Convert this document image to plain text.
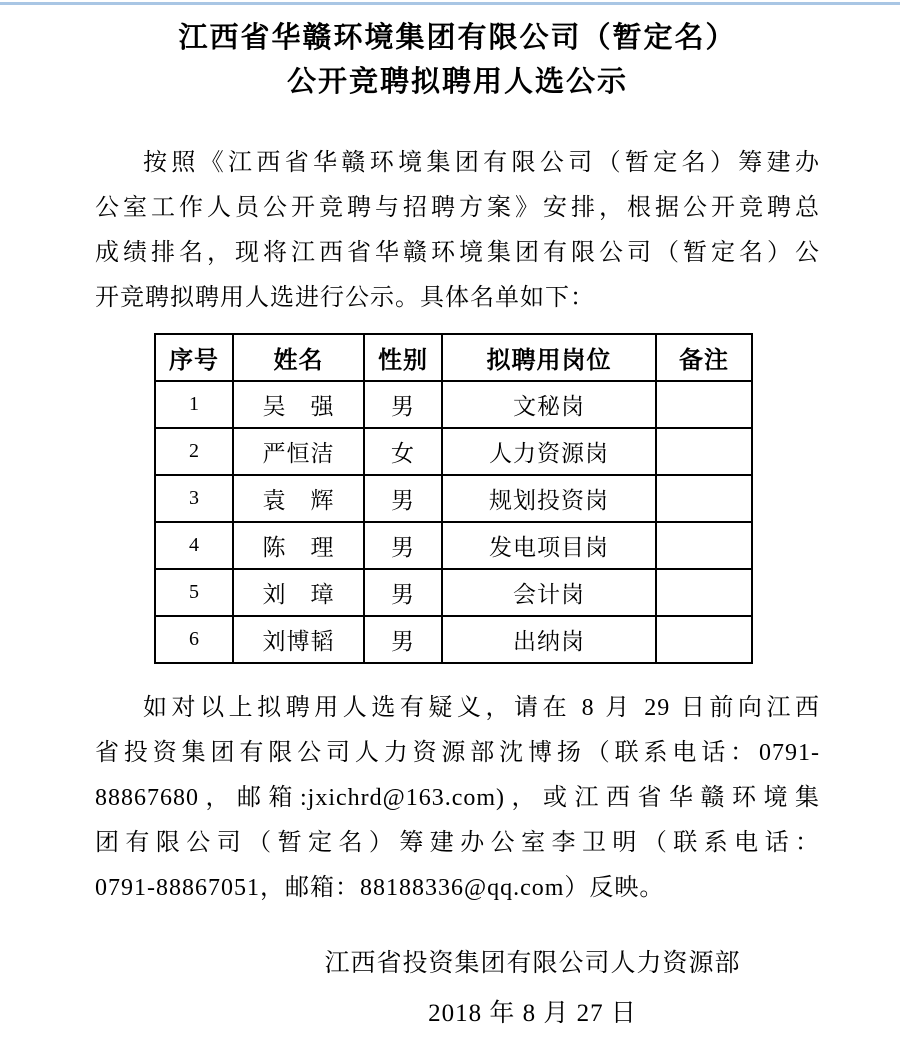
江西省华赣环境集团有限公司（暂定名）
公开竞聘拟聘用人选公示
按照《江西省华赣环境集团有限公司（暂定名）筹建办
公室工作人员公开竞聘与招聘方案》安排，根据公开竞聘总
成绩排名，现将江西省华赣环境集团有限公司（暂定名）公
开竞聘拟聘用人选进行公示。具体名单如下：
序号	姓名	性别	拟聘用岗位	备注
1	吴　强	男	文秘岗	
2	严恒洁	女	人力资源岗	
3	袁　辉	男	规划投资岗	
4	陈　理	男	发电项目岗	
5	刘　璋	男	会计岗	
6	刘博韬	男	出纳岗	
如对以上拟聘用人选有疑义，请在 8 月 29 日前向江西
省投资集团有限公司人力资源部沈博扬（联系电话：0791-
88867680，邮箱:jxichrd@163.com)，或江西省华赣环境集
团有限公司（暂定名）筹建办公室李卫明（联系电话：
0791-88867051，邮箱：88188336@qq.com）反映。
江西省投资集团有限公司人力资源部
2018 年 8 月 27 日
